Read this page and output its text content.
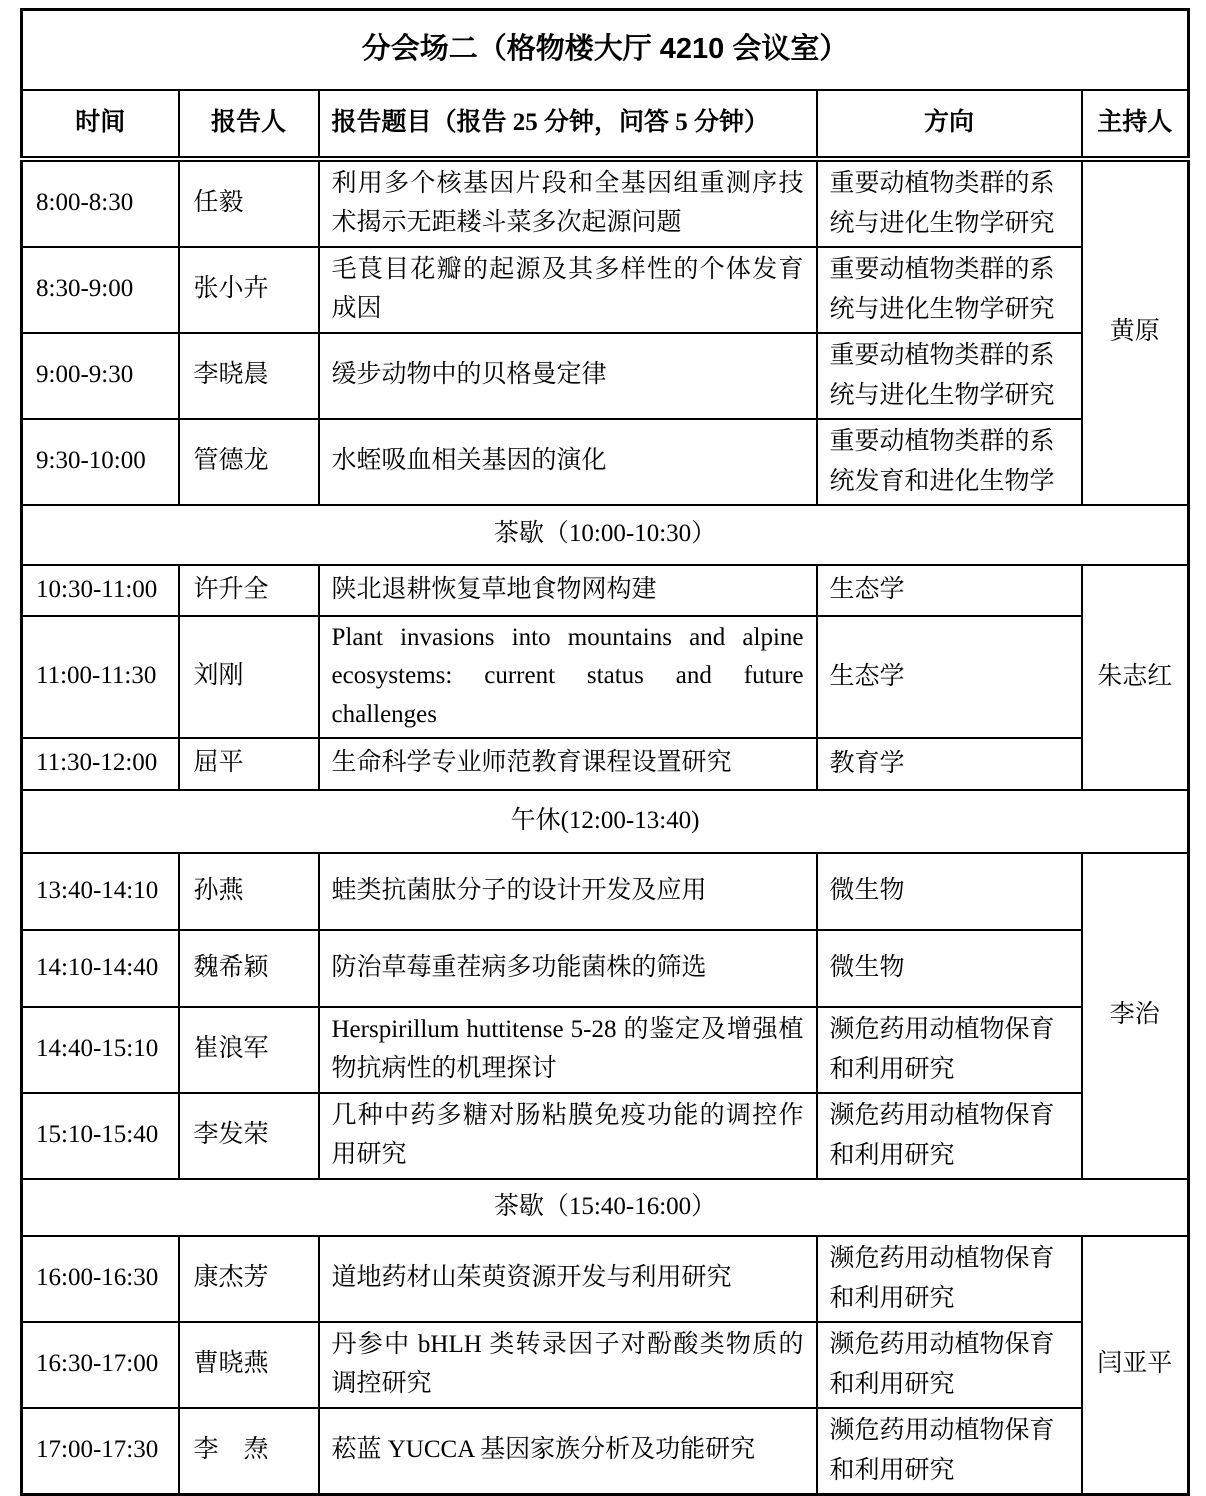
分会场二（格物楼大厅 4210 会议室）				
时间	报告人	报告题目（报告 25 分钟，问答 5 分钟）	方向	主持人
8:00-8:30	任毅	利用多个核基因片段和全基因组重测序技术揭示无距耧斗菜多次起源问题	重要动植物类群的系统与进化生物学研究	黄原
8:30-9:00	张小卉	毛茛目花瓣的起源及其多样性的个体发育成因	重要动植物类群的系统与进化生物学研究	
9:00-9:30	李晓晨	缓步动物中的贝格曼定律	重要动植物类群的系统与进化生物学研究	
9:30-10:00	管德龙	水蛭吸血相关基因的演化	重要动植物类群的系统发育和进化生物学	
茶歇（10:00-10:30）				
10:30-11:00	许升全	陕北退耕恢复草地食物网构建	生态学	朱志红
11:00-11:30	刘刚	Plant invasions into mountains and alpine ecosystems: current status and future challenges	生态学	
11:30-12:00	屈平	生命科学专业师范教育课程设置研究	教育学	
午休(12:00-13:40)				
13:40-14:10	孙燕	蛙类抗菌肽分子的设计开发及应用	微生物	李治
14:10-14:40	魏希颖	防治草莓重茬病多功能菌株的筛选	微生物	
14:40-15:10	崔浪军	Herspirillum huttitense 5-28 的鉴定及增强植物抗病性的机理探讨	濒危药用动植物保育和利用研究	
15:10-15:40	李发荣	几种中药多糖对肠粘膜免疫功能的调控作用研究	濒危药用动植物保育和利用研究	
茶歇（15:40-16:00）				
16:00-16:30	康杰芳	道地药材山茱萸资源开发与利用研究	濒危药用动植物保育和利用研究	闫亚平
16:30-17:00	曹晓燕	丹参中 bHLH 类转录因子对酚酸类物质的调控研究	濒危药用动植物保育和利用研究	
17:00-17:30	李　焘	菘蓝 YUCCA 基因家族分析及功能研究	濒危药用动植物保育和利用研究	
